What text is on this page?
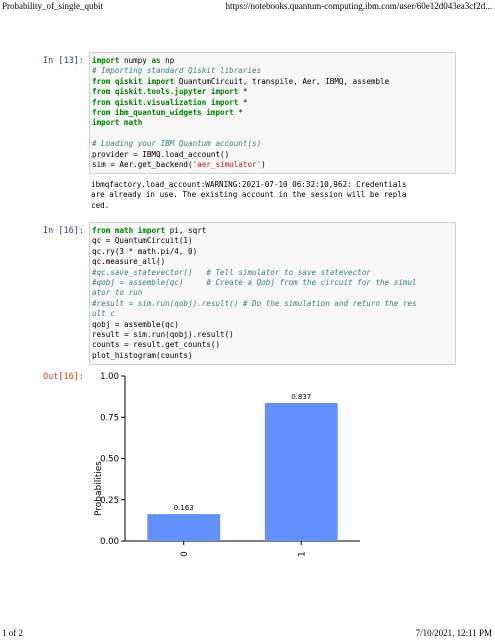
Probability_of_single_qubit	https://notebooks.quantum-computing.ibm.com/user/60e12d043ea3cf2d...
In [13]: import numpy as np
# Importing standard Qiskit libraries
from qiskit import QuantumCircuit, transpile, Aer, IBMQ, assemble
from qiskit.tools.jupyter import *
from qiskit.visualization import *
from ibm_quantum_widgets import *
import math
# Loading your IBM Quantum account(s)
provider = IBMQ.load_account()
sim = Aer.get_backend('aer_simulator')
ibmqfactory.load_account:WARNING:2021-07-10 06:32:10,962: Credentials
are already in use. The existing account in the session will be repla
ced.
In [16]: from math import pi, sqrt
qc = QuantumCircuit(1)
qc.ry(3 * math.pi/4, 0)
qc.measure_all()
#qc.save_statevector()   # Tell simulator to save statevector
#qobj = assemble(qc)     # Create a Qobj from the circuit for the simul
ator to run
#result = sim.run(qobj).result() # Do the simulation and return the res
ult c
qobj = assemble(qc)
result = sim.run(qobj).result()
counts = result.get_counts()
plot_histogram(counts)
Out[16]:
0.00
0.25
0.50
0.75
1.00
Probabilities	0.163
0
0.837
1
1 of 2	7/10/2021, 12:11 PM
